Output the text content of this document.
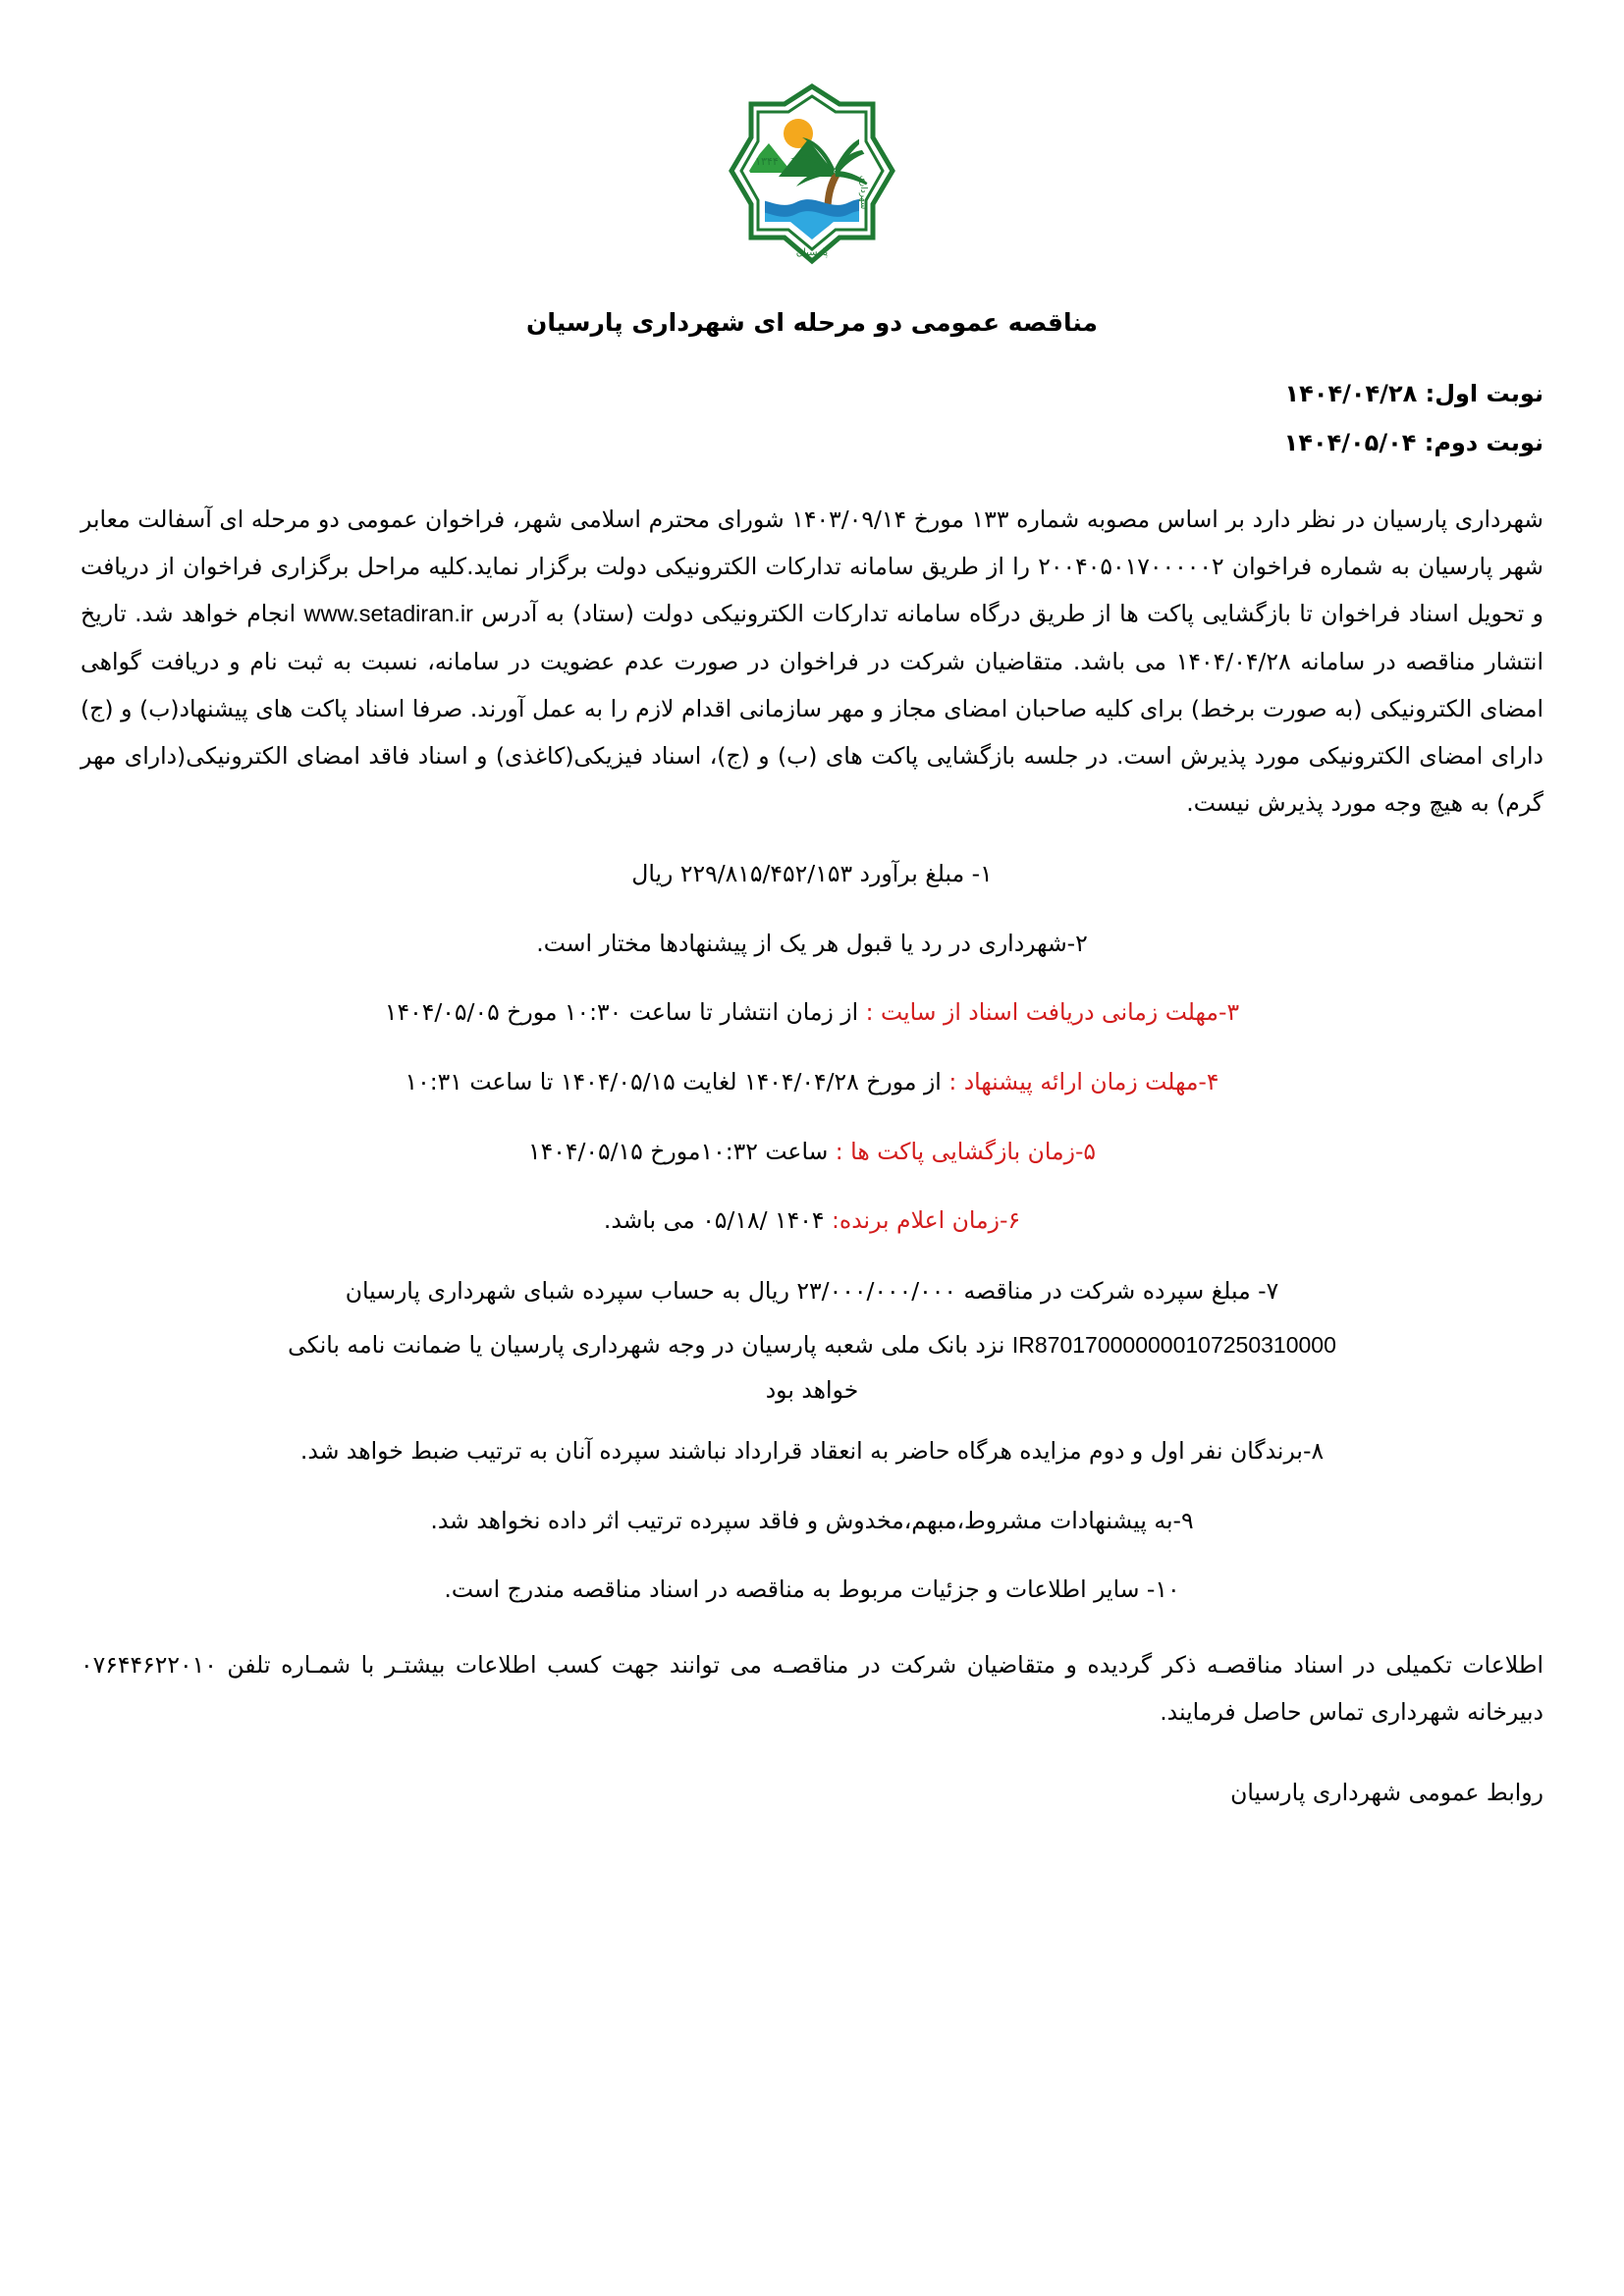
۱۳۴۴
شهرداری
پارسیان
مناقصه عمومی دو مرحله ای شهرداری پارسیان
نوبت اول: ۱۴۰۴/۰۴/۲۸
نوبت دوم: ۱۴۰۴/۰۵/۰۴
شهرداری پارسیان در نظر دارد بر اساس مصوبه شماره ۱۳۳ مورخ ۱۴۰۳/۰۹/۱۴ شورای محترم اسلامی شهر، فراخوان عمومی دو مرحله ای آسفالت معابر شهر پارسیان به شماره فراخوان ۲۰۰۴۰۵۰۱۷۰۰۰۰۰۲ را از طریق سامانه تدارکات الکترونیکی دولت برگزار نماید.کلیه مراحل برگزاری فراخوان از دریافت و تحویل اسناد فراخوان تا بازگشایی پاکت ها از طریق درگاه سامانه تدارکات الکترونیکی دولت (ستاد) به آدرس www.setadiran.ir انجام خواهد شد. تاریخ انتشار مناقصه در سامانه ۱۴۰۴/۰۴/۲۸ می باشد. متقاضیان شرکت در فراخوان در صورت عدم عضویت در سامانه، نسبت به ثبت نام و دریافت گواهی امضای الکترونیکی (به صورت برخط) برای کلیه صاحبان امضای مجاز و مهر سازمانی اقدام لازم را به عمل آورند. صرفا اسناد پاکت های پیشنهاد(ب) و (ج) دارای امضای الکترونیکی مورد پذیرش است. در جلسه بازگشایی پاکت های (ب) و (ج)، اسناد فیزیکی(کاغذی) و اسناد فاقد امضای الکترونیکی(دارای مهر گرم) به هیچ وجه مورد پذیرش نیست.
۱- مبلغ برآورد ۲۲۹/۸۱۵/۴۵۲/۱۵۳ ریال
۲-شهرداری در رد یا قبول هر یک از پیشنهادها مختار است.
۳-مهلت زمانی دریافت اسناد از سایت : از زمان انتشار تا ساعت ۱۰:۳۰ مورخ ۱۴۰۴/۰۵/۰۵
۴-مهلت زمان ارائه پیشنهاد : از مورخ ۱۴۰۴/۰۴/۲۸ لغایت ۱۴۰۴/۰۵/۱۵ تا ساعت ۱۰:۳۱
۵-زمان بازگشایی پاکت ها : ساعت ۱۰:۳۲مورخ ۱۴۰۴/۰۵/۱۵
۶-زمان اعلام برنده: ۱۴۰۴ /۰۵/۱۸ می باشد.
۷- مبلغ سپرده شرکت در مناقصه ۲۳/۰۰۰/۰۰۰/۰۰۰ ریال به حساب سپرده شبای شهرداری پارسیان
IR870170000000107250310000 نزد بانک ملی شعبه پارسیان در وجه شهرداری پارسیان یا ضمانت نامه بانکی
خواهد بود
۸-برندگان نفر اول و دوم مزایده هرگاه حاضر به انعقاد قرارداد نباشند سپرده آنان به ترتیب ضبط خواهد شد.
۹-به پیشنهادات مشروط،مبهم،مخدوش و فاقد سپرده ترتیب اثر داده نخواهد شد.
۱۰- سایر اطلاعات و جزئیات مربوط به مناقصه در اسناد مناقصه مندرج است.
اطلاعات تکمیلی در اسناد مناقصـه ذکر گردیده و متقاضیان شرکت در مناقصـه می توانند جهت کسب اطلاعات بیشتـر با شمـاره تلفن ۰۷۶۴۴۶۲۲۰۱۰ دبیرخانه شهرداری تماس حاصل فرمایند.
روابط عمومی شهرداری پارسیان
